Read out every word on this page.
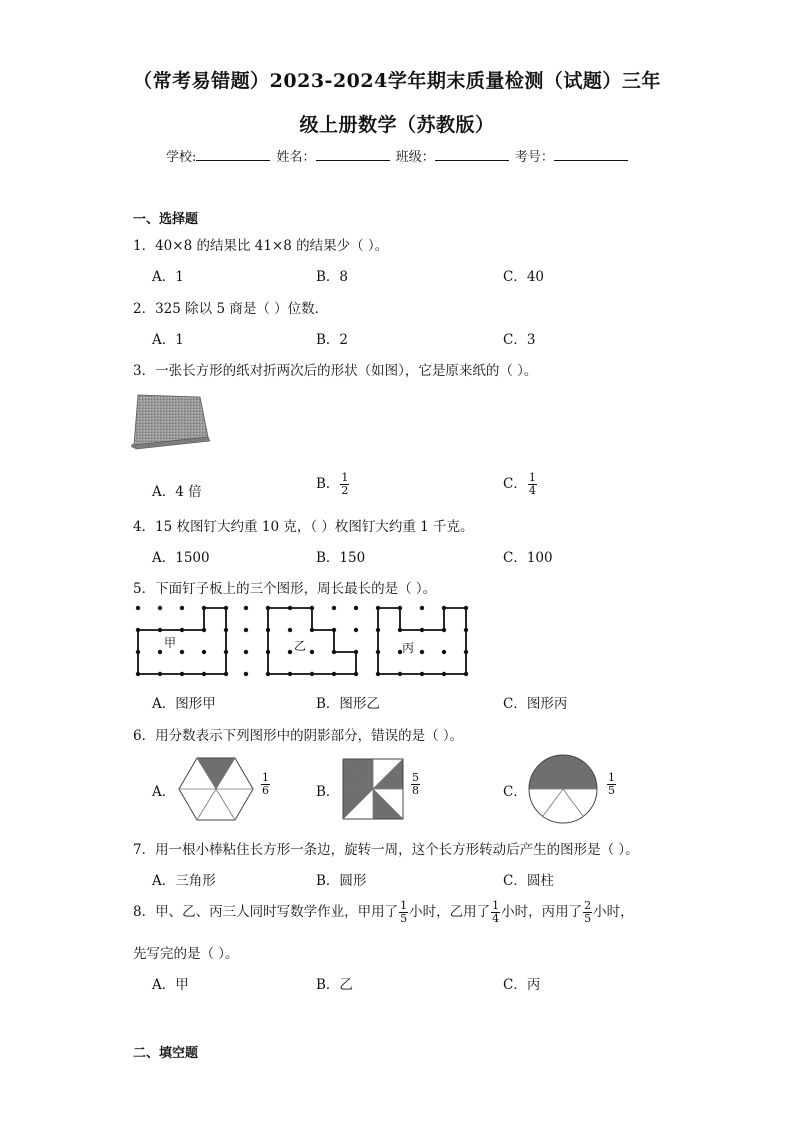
（常考易错题）2023-2024学年期末质量检测（试题）三年
级上册数学（苏教版）
学校:	姓名：	班级：	考号：
一、选择题
1．40×8 的结果比 41×8 的结果少（ ）。
A．1	B．8	C．40
2．325 除以 5 商是（ ）位数．
A．1	B．2	C．3
3．一张长方形的纸对折两次后的形状（如图），它是原来纸的（ ）。
A．4 倍	B． $\frac{1}{2}$	C． $\frac{1}{4}$
4．15 枚图钉大约重 10 克，（ ）枚图钉大约重 1 千克。
A．1500	B．150	C．100
5．下面钉子板上的三个图形，周长最长的是（ ）。
甲	乙	丙
A．图形甲	B．图形乙	C．图形丙
6．用分数表示下列图形中的阴影部分，错误的是（ ）。
A．	$\frac{1}{6}$	B．	$\frac{5}{8}$	C．	$\frac{1}{5}$
7．用一根小棒粘住长方形一条边，旋转一周，这个长方形转动后产生的图形是（ ）。
A．三角形	B．圆形	C．圆柱
8．甲、乙、丙三人同时写数学作业，甲用了 $\frac{1}{5}$ 小时，乙用了 $\frac{1}{4}$ 小时，丙用了 $\frac{2}{5}$ 小时，
先写完的是（ ）。
A．甲	B．乙	C．丙
二、填空题
